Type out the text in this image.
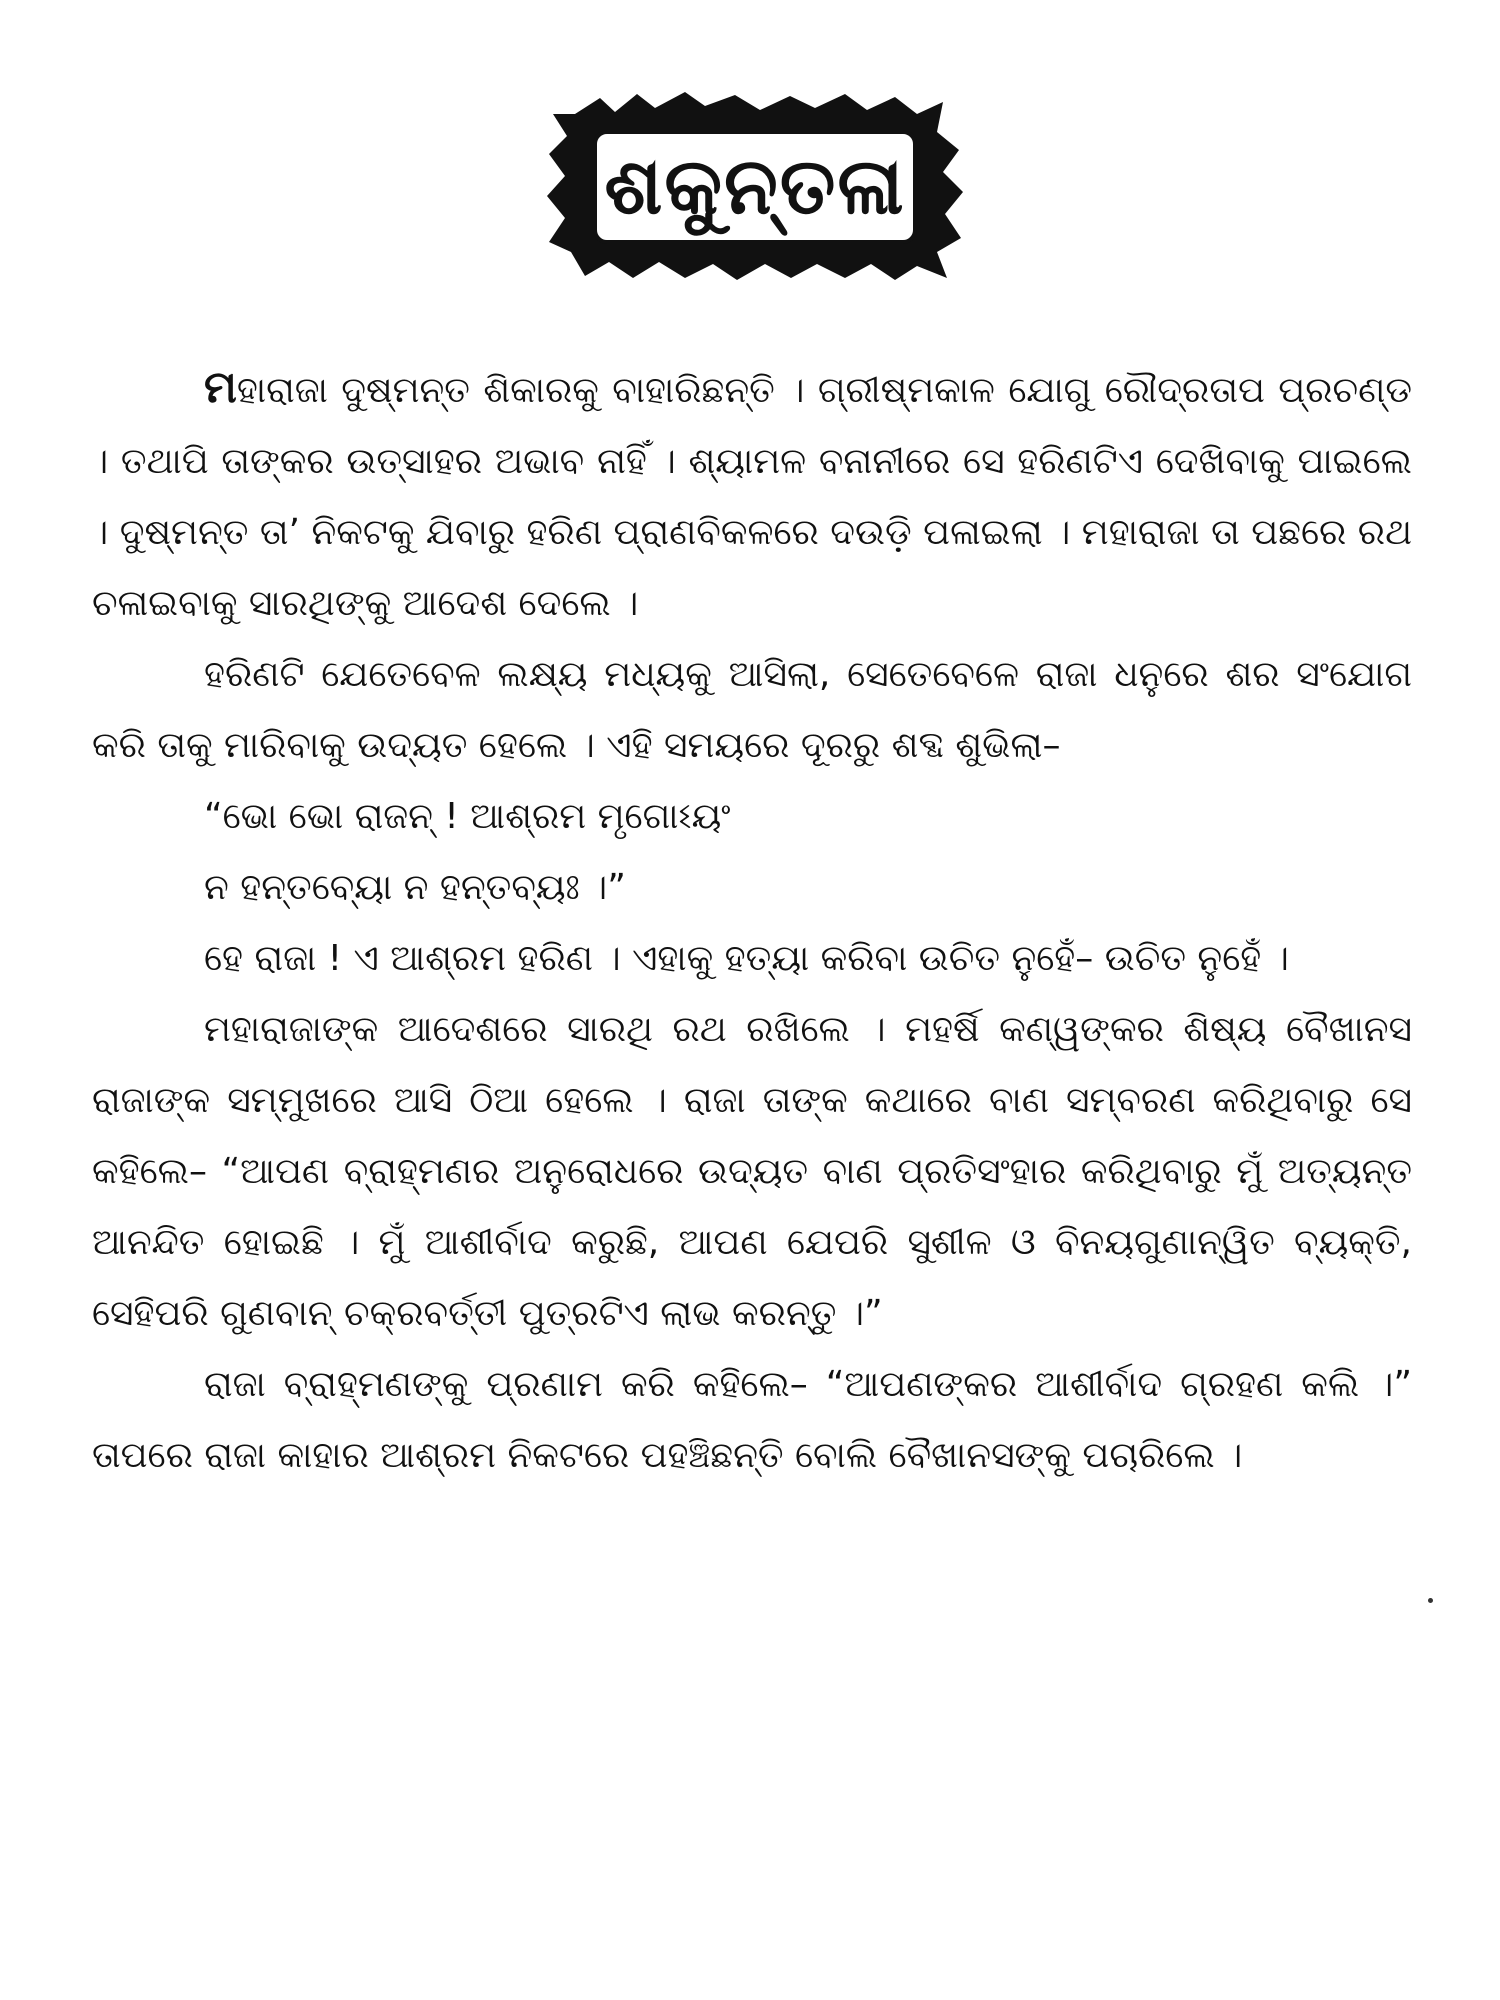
ଶକୁନ୍ତଳା

ମହାରାଜା ଦୁଷ୍ମନ୍ତ ଶିକାରକୁ ବାହାରିଛନ୍ତି । ଗ୍ରୀଷ୍ମକାଳ ଯୋଗୁ ରୌଦ୍ରତାପ ପ୍ରଚଣ୍ଡ । ତଥାପି ତାଙ୍କର ଉତ୍ସାହର ଅଭାବ ନାହିଁ । ଶ୍ୟାମଳ ବନାନୀରେ ସେ ହରିଣଟିଏ ଦେଖିବାକୁ ପାଇଲେ । ଦୁଷ୍ମନ୍ତ ତା’ ନିକଟକୁ ଯିବାରୁ ହରିଣ ପ୍ରାଣବିକଳରେ ଦଉଡ଼ି ପଳାଇଲା । ମହାରାଜା ତା ପଛରେ ରଥ ଚଳାଇବାକୁ ସାରଥିଙ୍କୁ ଆଦେଶ ଦେଲେ ।

ହରିଣଟି ଯେତେବେଳ ଲକ୍ଷ୍ୟ ମଧ୍ୟକୁ ଆସିଲା, ସେତେବେଳେ ରାଜା ଧନୁରେ ଶର ସଂଯୋଗ କରି ତାକୁ ମାରିବାକୁ ଉଦ୍ୟତ ହେଲେ । ଏହି ସମୟରେ ଦୂରରୁ ଶବ୍ଦ ଶୁଭିଲା–

“ଭୋ ଭୋ ରାଜନ୍ ! ଆଶ୍ରମ ମୃଗୋଽୟଂ

ନ ହନ୍ତବ୍ୟୋ ନ ହନ୍ତବ୍ୟଃ ।”

ହେ ରାଜା ! ଏ ଆଶ୍ରମ ହରିଣ । ଏହାକୁ ହତ୍ୟା କରିବା ଉଚିତ ନୁହେଁ– ଉଚିତ ନୁହେଁ ।

ମହାରାଜାଙ୍କ ଆଦେଶରେ ସାରଥି ରଥ ରଖିଲେ । ମହର୍ଷି କଣ୍ୱଙ୍କର ଶିଷ୍ୟ ବୈଖାନସ ରାଜାଙ୍କ ସମ୍ମୁଖରେ ଆସି ଠିଆ ହେଲେ । ରାଜା ତାଙ୍କ କଥାରେ ବାଣ ସମ୍ବରଣ କରିଥିବାରୁ ସେ କହିଲେ– “ଆପଣ ବ୍ରାହ୍ମଣର ଅନୁରୋଧରେ ଉଦ୍ୟତ ବାଣ ପ୍ରତିସଂହାର କରିଥିବାରୁ ମୁଁ ଅତ୍ୟନ୍ତ ଆନନ୍ଦିତ ହୋଇଛି । ମୁଁ ଆଶୀର୍ବାଦ କରୁଛି, ଆପଣ ଯେପରି ସୁଶୀଳ ଓ ବିନୟଗୁଣାନ୍ୱିତ ବ୍ୟକ୍ତି, ସେହିପରି ଗୁଣବାନ୍ ଚକ୍ରବର୍ତ୍ତୀ ପୁତ୍ରଟିଏ ଲାଭ କରନ୍ତୁ ।”

ରାଜା ବ୍ରାହ୍ମଣଙ୍କୁ ପ୍ରଣାମ କରି କହିଲେ– “ଆପଣଙ୍କର ଆଶୀର୍ବାଦ ଗ୍ରହଣ କଲି ।” ତାପରେ ରାଜା କାହାର ଆଶ୍ରମ ନିକଟରେ ପହଞ୍ଚିଛନ୍ତି ବୋଲି ବୈଖାନସଙ୍କୁ ପଚାରିଲେ ।
